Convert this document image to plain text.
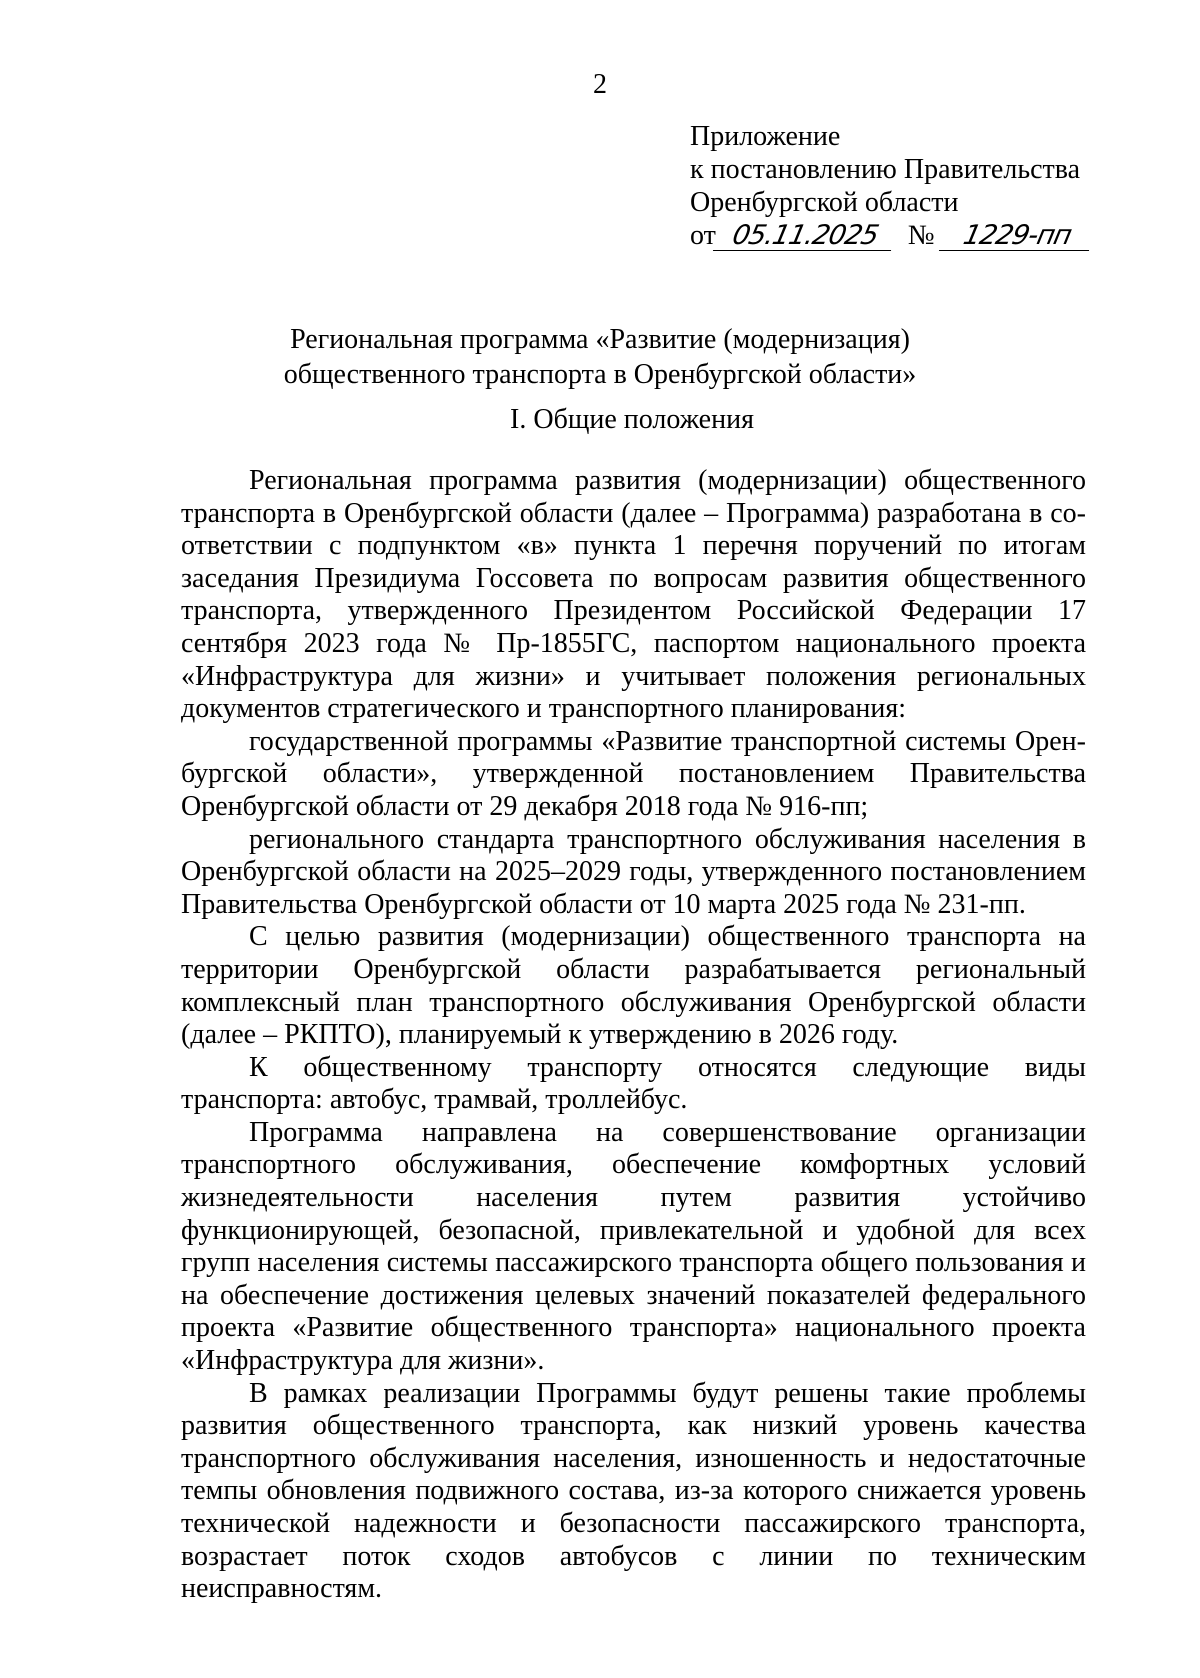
2
Приложение
к постановлению Правительства
Оренбургской области
от 05.11.2025 № 1229-пп
Региональная программа «Развитие (модернизация)
общественного транспорта в Оренбургской области»
I. Общие положения

Региональная программа развития (модернизации) общественного транспорта в Оренбургской области (далее – Программа) разработана в соответствии с подпунктом «в» пункта 1 перечня поручений по итогам заседания Президиума Госсовета по вопросам развития общественного транспорта, утвержденного Президентом Российской Федерации 17 сентября 2023 года № Пр-1855ГС, паспортом национального проекта «Инфраструктура для жизни» и учитывает положения региональных документов стратегического и транспортного планирования:

государственной программы «Развитие транспортной системы Оренбургской области», утвержденной постановлением Правительства Оренбургской области от 29 декабря 2018 года № 916-пп;

регионального стандарта транспортного обслуживания населения в Оренбургской области на 2025–2029 годы, утвержденного постановлением Правительства Оренбургской области от 10 марта 2025 года № 231-пп.

С целью развития (модернизации) общественного транспорта на территории Оренбургской области разрабатывается региональный комплексный план транспортного обслуживания Оренбургской области (далее – РКПТО), планируемый к утверждению в 2026 году.

К общественному транспорту относятся следующие виды транспорта: автобус, трамвай, троллейбус.

Программа направлена на совершенствование организации транспортного обслуживания, обеспечение комфортных условий жизнедеятельности населения путем развития устойчиво функционирующей, безопасной, привлекательной и удобной для всех групп населения системы пассажирского транспорта общего пользования и на обеспечение достижения целевых значений показателей федерального проекта «Развитие общественного транспорта» национального проекта «Инфраструктура для жизни».

В рамках реализации Программы будут решены такие проблемы развития общественного транспорта, как низкий уровень качества транспортного обслуживания населения, изношенность и недостаточные темпы обновления подвижного состава, из-за которого снижается уровень технической надежности и безопасности пассажирского транспорта, возрастает поток сходов автобусов с линии по техническим неисправностям.
